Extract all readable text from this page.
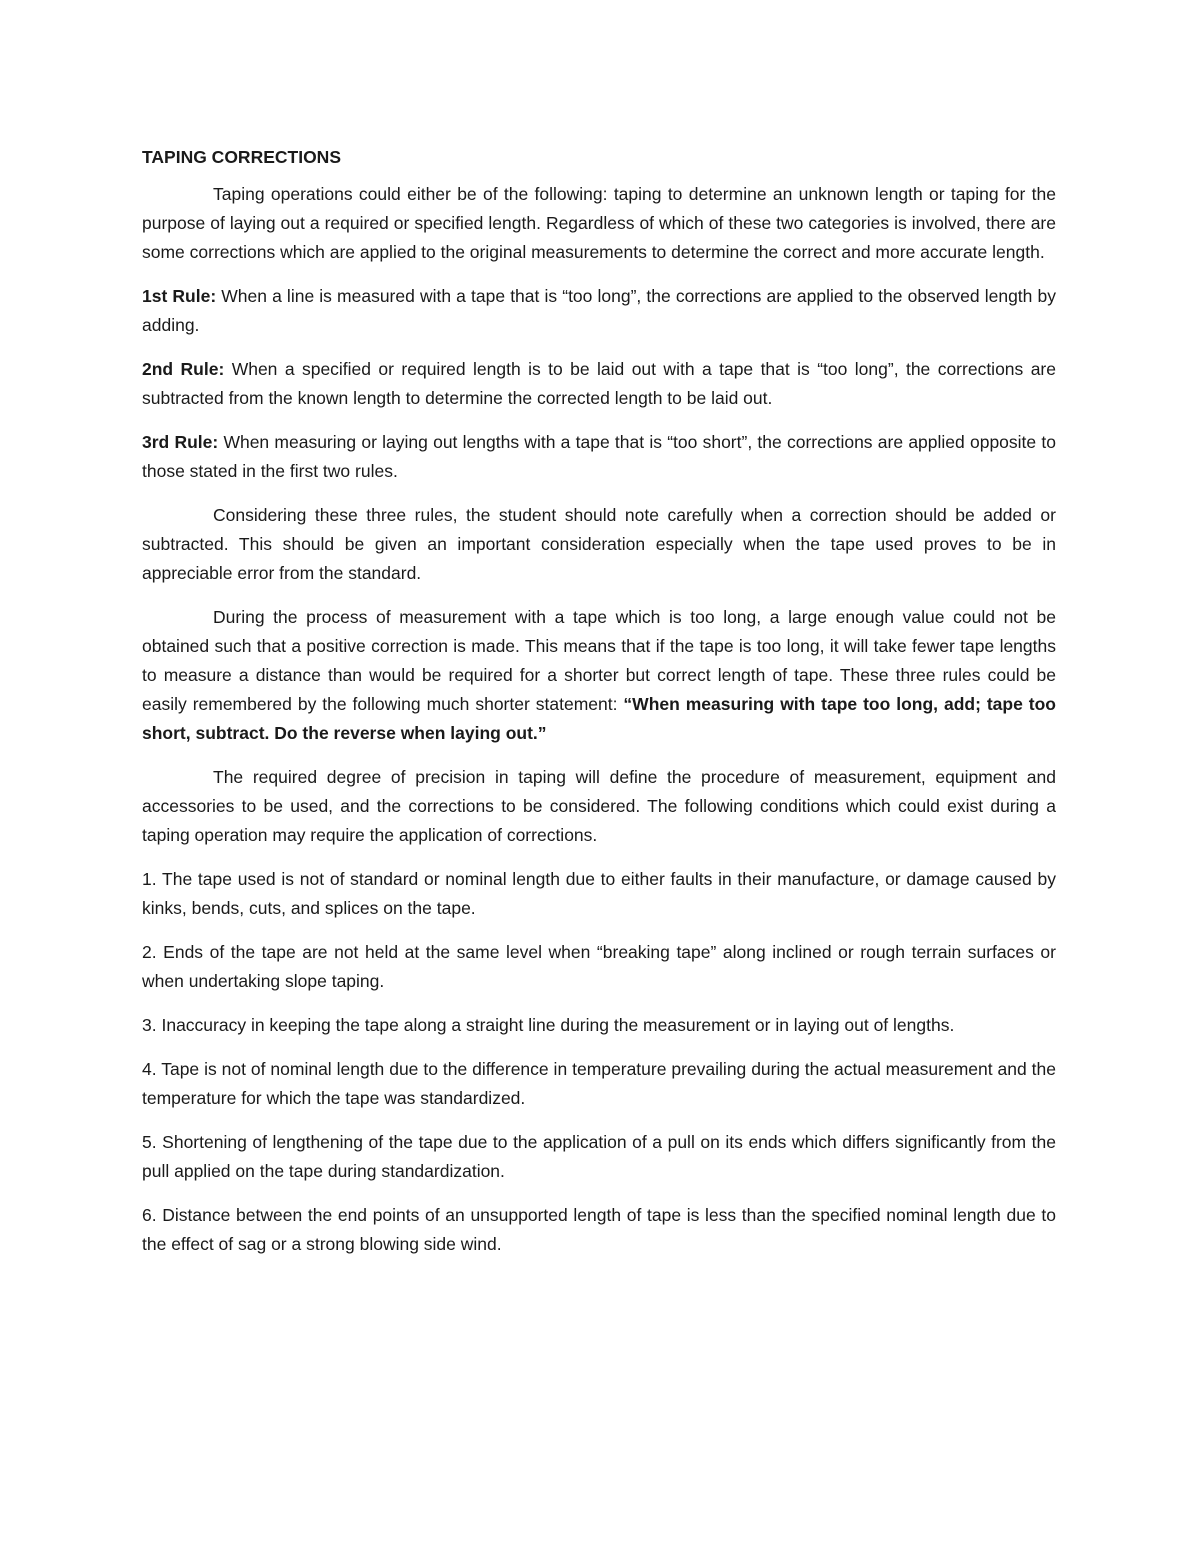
TAPING CORRECTIONS

Taping operations could either be of the following: taping to determine an unknown length or taping for the purpose of laying out a required or specified length. Regardless of which of these two categories is involved, there are some corrections which are applied to the original measurements to determine the correct and more accurate length.

1st Rule: When a line is measured with a tape that is “too long”, the corrections are applied to the observed length by adding.

2nd Rule: When a specified or required length is to be laid out with a tape that is “too long”, the corrections are subtracted from the known length to determine the corrected length to be laid out.

3rd Rule: When measuring or laying out lengths with a tape that is “too short”, the corrections are applied opposite to those stated in the first two rules.

Considering these three rules, the student should note carefully when a correction should be added or subtracted. This should be given an important consideration especially when the tape used proves to be in appreciable error from the standard.

During the process of measurement with a tape which is too long, a large enough value could not be obtained such that a positive correction is made. This means that if the tape is too long, it will take fewer tape lengths to measure a distance than would be required for a shorter but correct length of tape. These three rules could be easily remembered by the following much shorter statement: “When measuring with tape too long, add; tape too short, subtract. Do the reverse when laying out.”

The required degree of precision in taping will define the procedure of measurement, equipment and accessories to be used, and the corrections to be considered. The following conditions which could exist during a taping operation may require the application of corrections.

1. The tape used is not of standard or nominal length due to either faults in their manufacture, or damage caused by kinks, bends, cuts, and splices on the tape.

2. Ends of the tape are not held at the same level when “breaking tape” along inclined or rough terrain surfaces or when undertaking slope taping.

3. Inaccuracy in keeping the tape along a straight line during the measurement or in laying out of lengths.

4. Tape is not of nominal length due to the difference in temperature prevailing during the actual measurement and the temperature for which the tape was standardized.

5. Shortening of lengthening of the tape due to the application of a pull on its ends which differs significantly from the pull applied on the tape during standardization.

6. Distance between the end points of an unsupported length of tape is less than the specified nominal length due to the effect of sag or a strong blowing side wind.
